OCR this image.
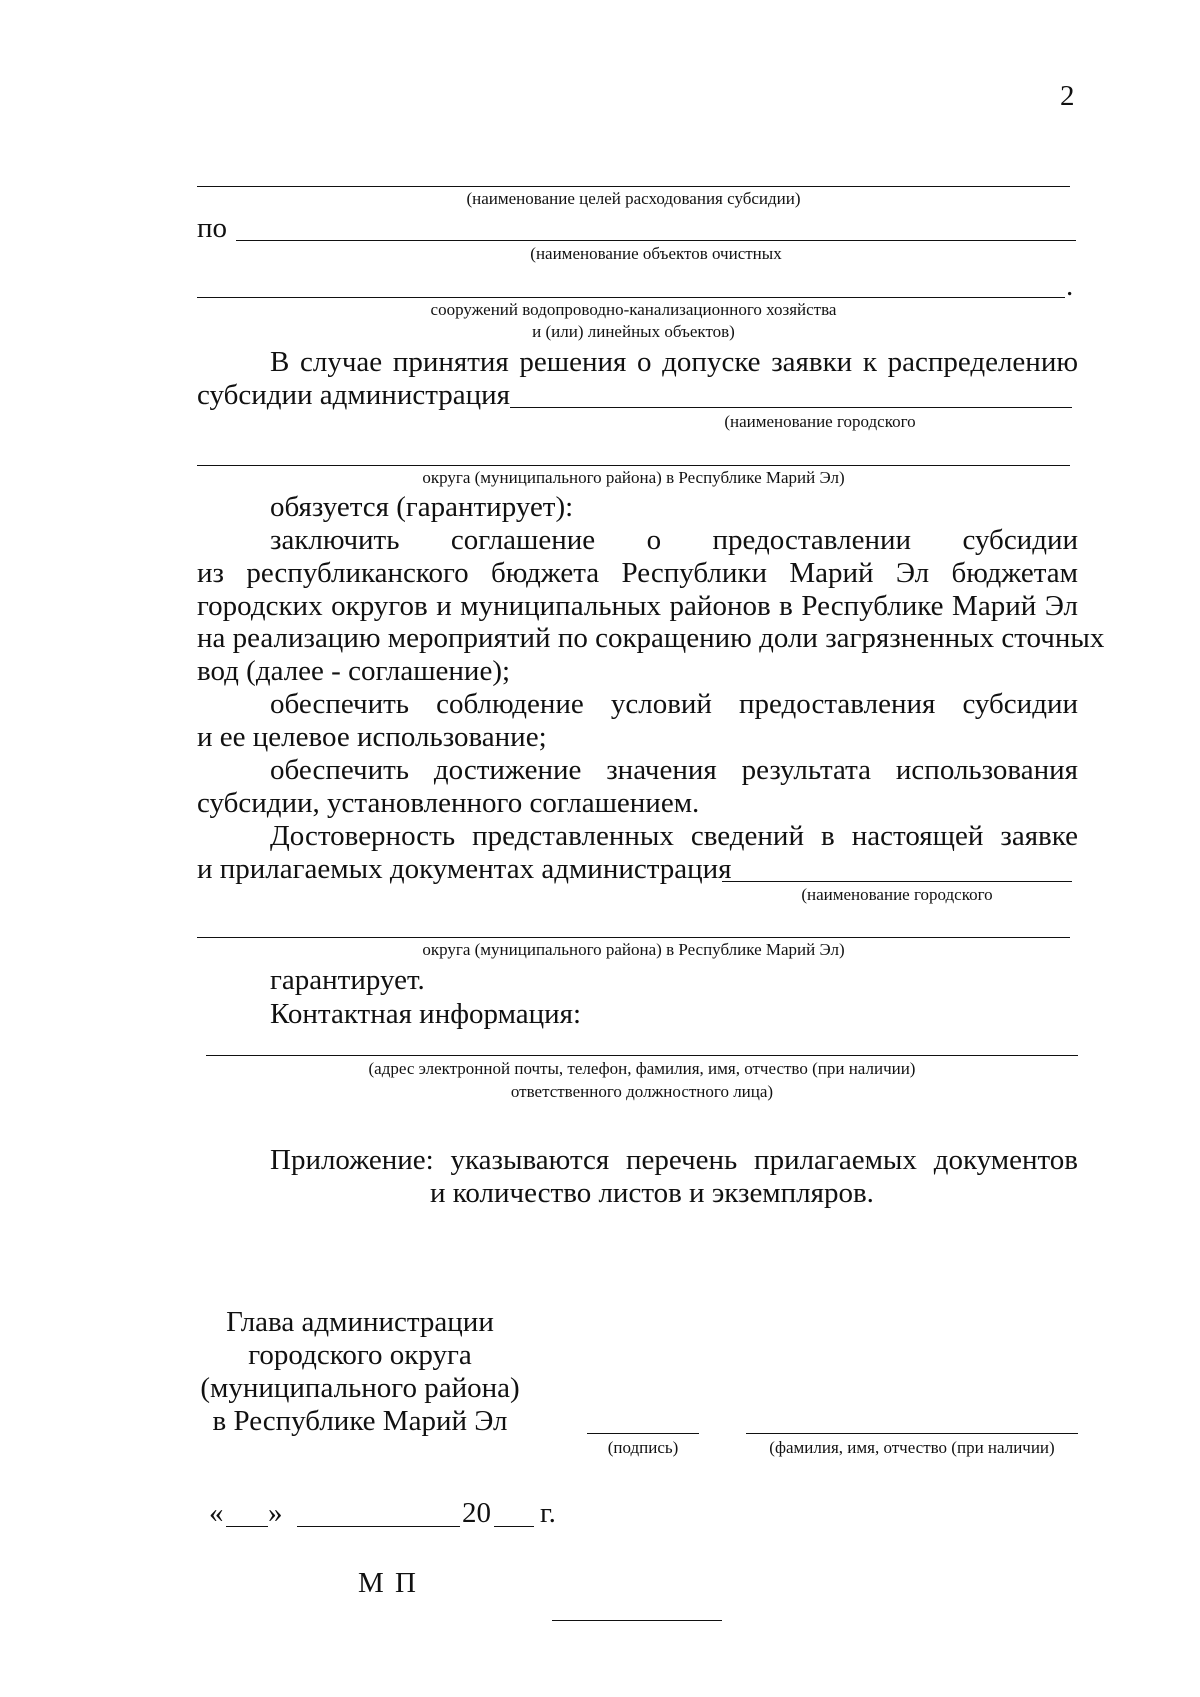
2
(наименование целей расходования субсидии)
по
(наименование объектов очистных
.
сооружений водопроводно-канализационного хозяйства
и (или) линейных объектов)
В случае принятия решения о допуске заявки к распределению
субсидии администрация
(наименование городского
округа (муниципального района) в Республике Марий Эл)
обязуется (гарантирует):
заключить соглашение о предоставлении субсидии
из республиканского бюджета Республики Марий Эл бюджетам
городских округов и муниципальных районов в Республике Марий Эл
на реализацию мероприятий по сокращению доли загрязненных сточных
вод (далее - соглашение);
обеспечить соблюдение условий предоставления субсидии
и ее целевое использование;
обеспечить достижение значения результата использования
субсидии, установленного соглашением.
Достоверность представленных сведений в настоящей заявке
и прилагаемых документах администрация
(наименование городского
округа (муниципального района) в Республике Марий Эл)
гарантирует.
Контактная информация:
(адрес электронной почты, телефон, фамилия, имя, отчество (при наличии)
ответственного должностного лица)
Приложение: указываются перечень прилагаемых документов
и количество листов и экземпляров.
Глава администрации
городского округа
(муниципального района)
в Республике Марий Эл
(подпись)	(фамилия, имя, отчество (при наличии)
« »	20 г.
М П
